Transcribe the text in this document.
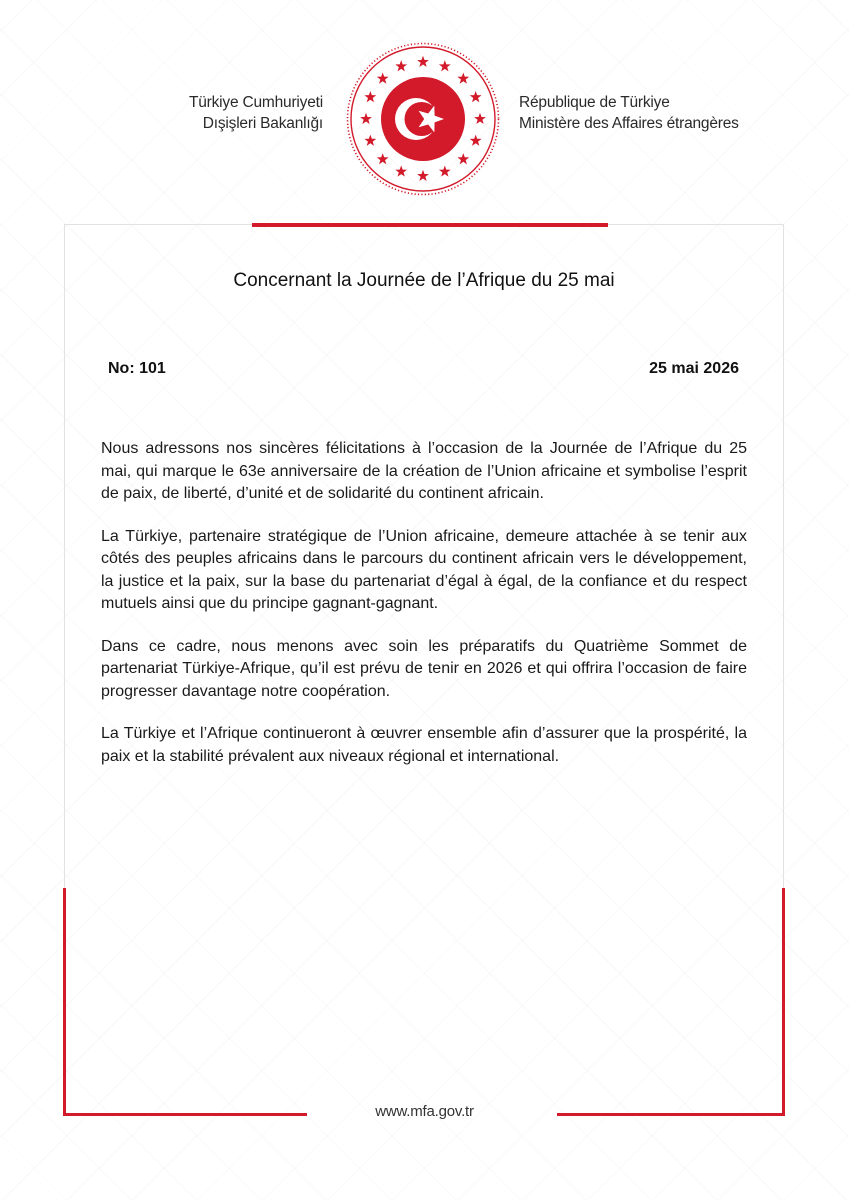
Türkiye Cumhuriyeti
Dışişleri Bakanlığı
République de Türkiye
Ministère des Affaires étrangères
Concernant la Journée de l’Afrique du 25 mai
No: 101	25 mai 2026

Nous adressons nos sincères félicitations à l’occasion de la Journée de l’Afrique du 25 mai, qui marque le 63e anniversaire de la création de l’Union africaine et symbolise l’esprit de paix, de liberté, d’unité et de solidarité du continent africain.

La Türkiye, partenaire stratégique de l’Union africaine, demeure attachée à se tenir aux côtés des peuples africains dans le parcours du continent africain vers le développement, la justice et la paix, sur la base du partenariat d’égal à égal, de la confiance et du respect mutuels ainsi que du principe gagnant-gagnant.

Dans ce cadre, nous menons avec soin les préparatifs du Quatrième Sommet de partenariat Türkiye-Afrique, qu’il est prévu de tenir en 2026 et qui offrira l’occasion de faire progresser davantage notre coopération.

La Türkiye et l’Afrique continueront à œuvrer ensemble afin d’assurer que la prospérité, la paix et la stabilité prévalent aux niveaux régional et international.

www.mfa.gov.tr
